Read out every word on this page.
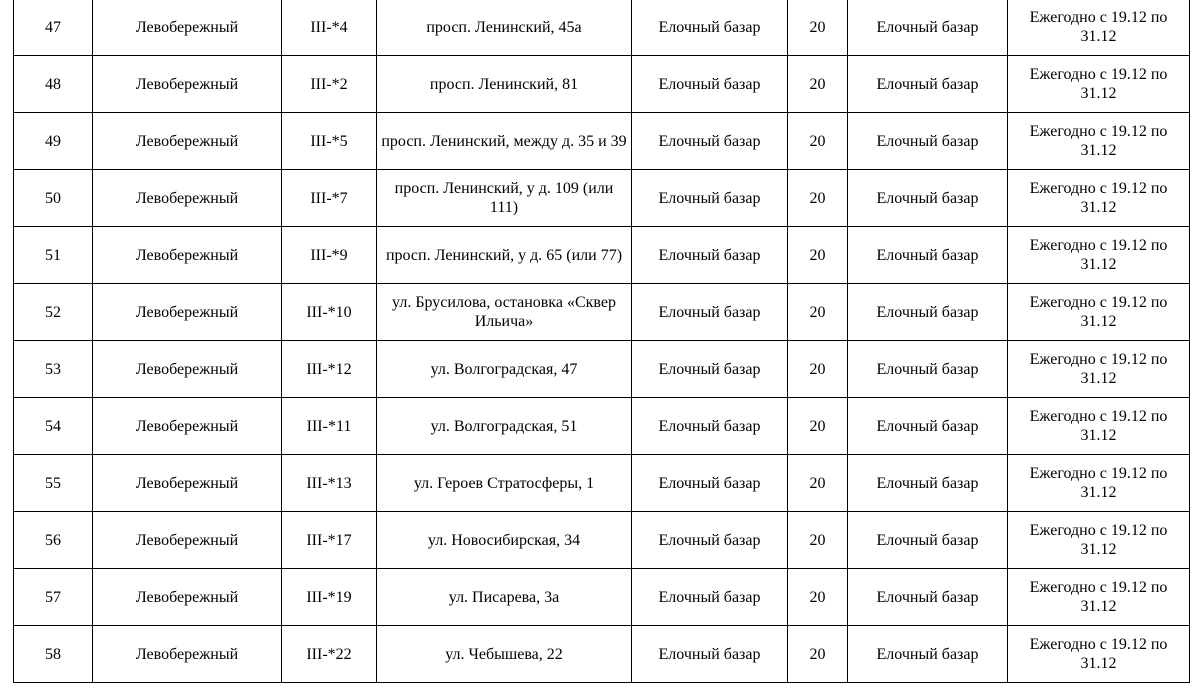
47	Левобережный	III-*4	просп. Ленинский, 45а	Елочный базар	20	Елочный базар	Ежегодно с 19.12 по 31.12
48	Левобережный	III-*2	просп. Ленинский, 81	Елочный базар	20	Елочный базар	Ежегодно с 19.12 по 31.12
49	Левобережный	III-*5	просп. Ленинский, между д. 35 и 39	Елочный базар	20	Елочный базар	Ежегодно с 19.12 по 31.12
50	Левобережный	III-*7	просп. Ленинский, у д. 109 (или 111)	Елочный базар	20	Елочный базар	Ежегодно с 19.12 по 31.12
51	Левобережный	III-*9	просп. Ленинский, у д. 65 (или 77)	Елочный базар	20	Елочный базар	Ежегодно с 19.12 по 31.12
52	Левобережный	III-*10	ул. Брусилова, остановка «Сквер Ильича»	Елочный базар	20	Елочный базар	Ежегодно с 19.12 по 31.12
53	Левобережный	III-*12	ул. Волгоградская, 47	Елочный базар	20	Елочный базар	Ежегодно с 19.12 по 31.12
54	Левобережный	III-*11	ул. Волгоградская, 51	Елочный базар	20	Елочный базар	Ежегодно с 19.12 по 31.12
55	Левобережный	III-*13	ул. Героев Стратосферы, 1	Елочный базар	20	Елочный базар	Ежегодно с 19.12 по 31.12
56	Левобережный	III-*17	ул. Новосибирская, 34	Елочный базар	20	Елочный базар	Ежегодно с 19.12 по 31.12
57	Левобережный	III-*19	ул. Писарева, 3а	Елочный базар	20	Елочный базар	Ежегодно с 19.12 по 31.12
58	Левобережный	III-*22	ул. Чебышева, 22	Елочный базар	20	Елочный базар	Ежегодно с 19.12 по 31.12
